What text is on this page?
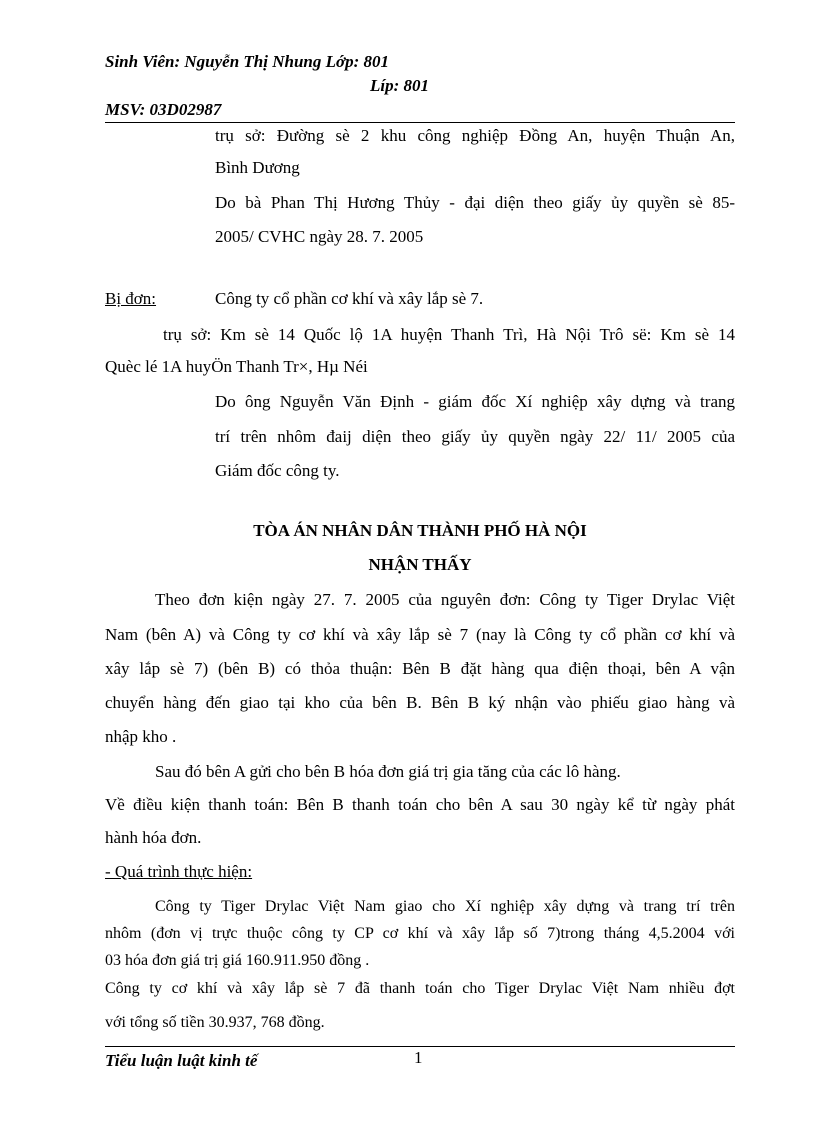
Sinh Viên: Nguyễn Thị Nhung Lớp: 801
Líp: 801
MSV: 03D02987
trụ sở: Đường sè 2 khu công nghiệp Đồng An, huyện Thuận An,
Bình Dương
Do bà Phan Thị Hương Thủy - đại diện theo giấy ủy quyền sè 85-
2005/ CVHC ngày 28. 7. 2005
Bị đơn:	Công ty cổ phần cơ khí và xây lắp sè 7.
trụ sở: Km sè 14 Quốc lộ 1A huyện Thanh Trì, Hà Nội Trô së: Km sè 14
Quèc lé 1A huyÖn Thanh Tr×, Hµ Néi
Do ông Nguyễn Văn Định - giám đốc Xí nghiệp xây dựng và trang
trí trên nhôm đaij diện theo giấy ủy quyền ngày 22/ 11/ 2005 của
Giám đốc công ty.
TÒA ÁN NHÂN DÂN THÀNH PHỐ HÀ NỘI
NHẬN THẤY
Theo đơn kiện ngày 27. 7. 2005 của nguyên đơn: Công ty Tiger Drylac Việt
Nam (bên A) và Công ty cơ khí và xây lắp sè 7 (nay là Công ty cổ phần cơ khí và
xây lắp sè 7) (bên B) có thỏa thuận: Bên B đặt hàng qua điện thoại, bên A vận
chuyển hàng đến giao tại kho của bên B. Bên B ký nhận vào phiếu giao hàng và
nhập kho .
Sau đó bên A gửi cho bên B hóa đơn giá trị gia tăng của các lô hàng.
Về điều kiện thanh toán: Bên B thanh toán cho bên A sau 30 ngày kể từ ngày phát
hành hóa đơn.
- Quá trình thực hiện:
Công ty Tiger Drylac Việt Nam giao cho Xí nghiệp xây dựng và trang trí trên
nhôm (đơn vị trực thuộc công ty CP cơ khí và xây lắp số 7)trong tháng 4,5.2004 với
03 hóa đơn giá trị giá 160.911.950 đồng .
Công ty cơ khí và xây lắp sè 7 đã thanh toán cho Tiger Drylac Việt Nam nhiều đợt
với tổng số tiền 30.937, 768 đồng.
Tiểu luận luật kinh tế	1
